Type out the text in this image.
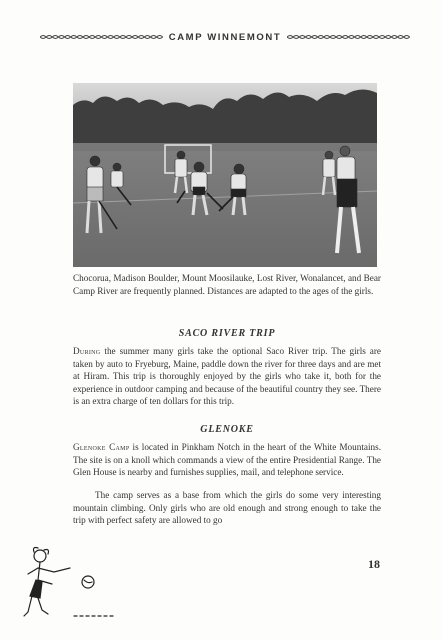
CAMP WINNEMONT
Chocorua, Madison Boulder, Mount Moosilauke, Lost River, Wonalancet, and Bear Camp River are frequently planned. Distances are adapted to the ages of the girls.
SACO RIVER TRIP
During the summer many girls take the optional Saco River trip. The girls are taken by auto to Fryeburg, Maine, paddle down the river for three days and are met at Hiram. This trip is thoroughly enjoyed by the girls who take it, both for the experience in outdoor camping and because of the beautiful country they see. There is an extra charge of ten dollars for this trip.
GLENOKE
Glenoke Camp is located in Pinkham Notch in the heart of the White Mountains. The site is on a knoll which commands a view of the entire Presidential Range. The Glen House is nearby and furnishes supplies, mail, and telephone service.
The camp serves as a base from which the girls do some very interesting mountain climbing. Only girls who are old enough and strong enough to take the trip with perfect safety are allowed to go
18
